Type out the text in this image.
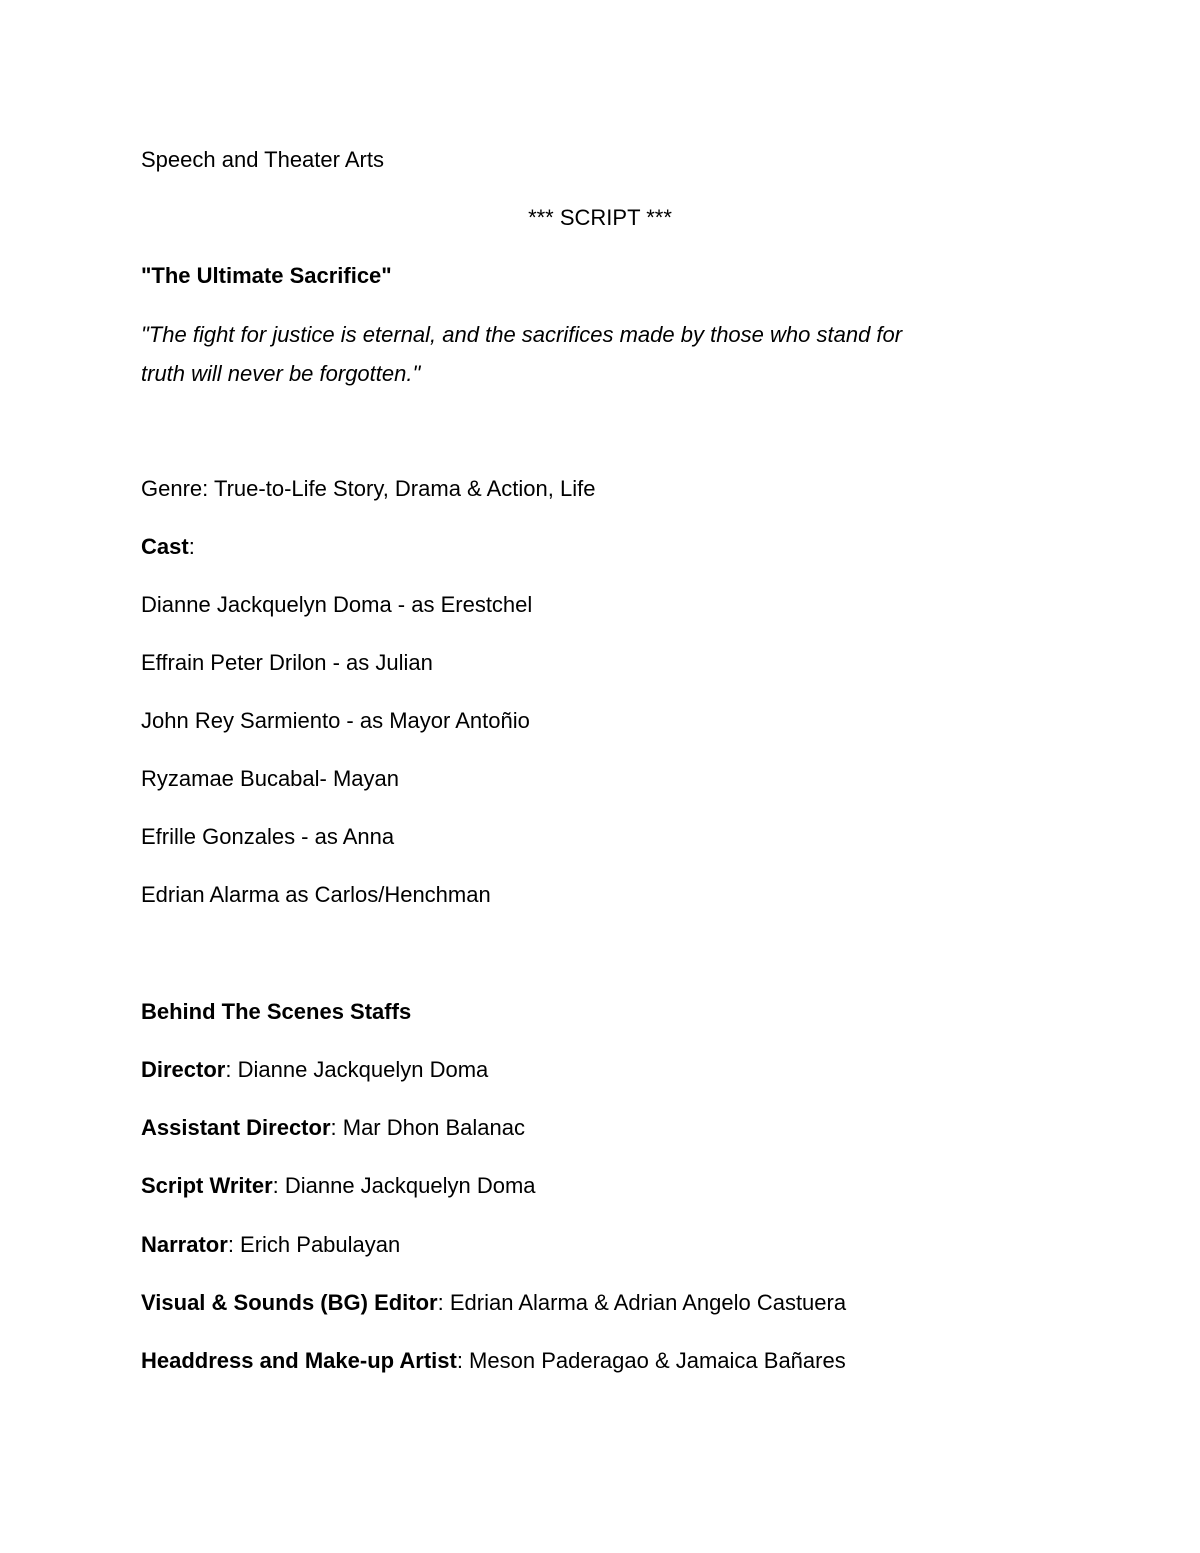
Speech and Theater Arts
*** SCRIPT ***
"The Ultimate Sacrifice"
"The fight for justice is eternal, and the sacrifices made by those who stand for
truth will never be forgotten."
Genre: True-to-Life Story, Drama & Action, Life
Cast:
Dianne Jackquelyn Doma - as Erestchel
Effrain Peter Drilon - as Julian
John Rey Sarmiento - as Mayor Antoñio
Ryzamae Bucabal- Mayan
Efrille Gonzales - as Anna
Edrian Alarma as Carlos/Henchman
Behind The Scenes Staffs
Director: Dianne Jackquelyn Doma
Assistant Director: Mar Dhon Balanac
Script Writer: Dianne Jackquelyn Doma
Narrator: Erich Pabulayan
Visual & Sounds (BG) Editor: Edrian Alarma & Adrian Angelo Castuera
Headdress and Make-up Artist: Meson Paderagao & Jamaica Bañares
